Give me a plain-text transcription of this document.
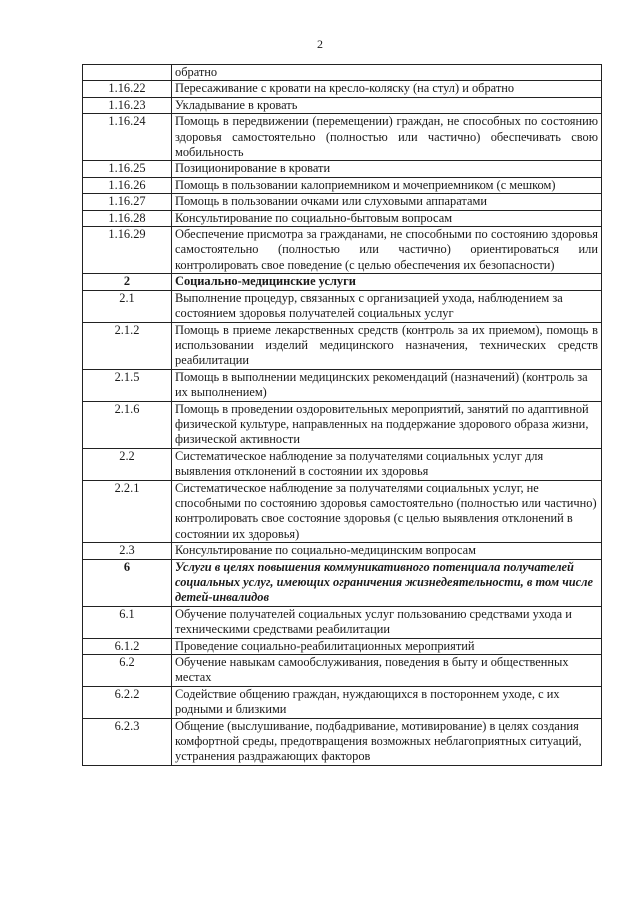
2
	обратно
1.16.22	Пересаживание с кровати на кресло-коляску (на стул) и обратно
1.16.23	Укладывание в кровать
1.16.24	Помощь в передвижении (перемещении) граждан, не способных по состоянию здоровья самостоятельно (полностью или частично) обеспечивать свою мобильность
1.16.25	Позиционирование в кровати
1.16.26	Помощь в пользовании калоприемником и мочеприемником (с мешком)
1.16.27	Помощь в пользовании очками или слуховыми аппаратами
1.16.28	Консультирование по социально-бытовым вопросам
1.16.29	Обеспечение присмотра за гражданами, не способными по состоянию здоровья самостоятельно (полностью или частично) ориентироваться или контролировать свое поведение (с целью обеспечения их безопасности)
2	Социально-медицинские услуги
2.1	Выполнение процедур, связанных с организацией ухода, наблюдением за состоянием здоровья получателей социальных услуг
2.1.2	Помощь в приеме лекарственных средств (контроль за их приемом), помощь в использовании изделий медицинского назначения, технических средств реабилитации
2.1.5	Помощь в выполнении медицинских рекомендаций (назначений) (контроль за их выполнением)
2.1.6	Помощь в проведении оздоровительных мероприятий, занятий по адаптивной физической культуре, направленных на поддержание здорового образа жизни, физической активности
2.2	Систематическое наблюдение за получателями социальных услуг для выявления отклонений в состоянии их здоровья
2.2.1	Систематическое наблюдение за получателями социальных услуг, не способными по состоянию здоровья самостоятельно (полностью или частично) контролировать свое состояние здоровья (с целью выявления отклонений в состоянии их здоровья)
2.3	Консультирование по социально-медицинским вопросам
6	Услуги в целях повышения коммуникативного потенциала получателей социальных услуг, имеющих ограничения жизнедеятельности, в том числе детей-инвалидов
6.1	Обучение получателей социальных услуг пользованию средствами ухода и техническими средствами реабилитации
6.1.2	Проведение социально-реабилитационных мероприятий
6.2	Обучение навыкам самообслуживания, поведения в быту и общественных местах
6.2.2	Содействие общению граждан, нуждающихся в постороннем уходе, с их родными и близкими
6.2.3	Общение (выслушивание, подбадривание, мотивирование) в целях создания комфортной среды, предотвращения возможных неблагоприятных ситуаций, устранения раздражающих факторов
